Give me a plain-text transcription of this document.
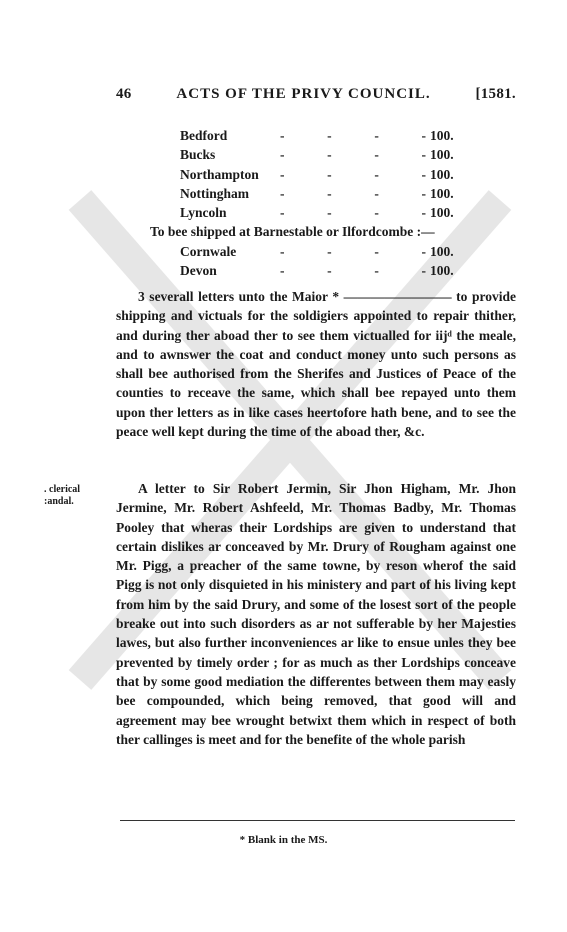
46	ACTS OF THE PRIVY COUNCIL.	[1581.
Bedford	-	-	-	- 100.
Bucks	-	-	-	- 100.
Northampton	-	-	-	- 100.
Nottingham	-	-	-	- 100.
Lyncoln	-	-	-	- 100.
To bee shipped at Barnestable or Ilfordcombe :—
Cornwale	-	-	-	- 100.
Devon	-	-	-	- 100.

3 severall letters unto the Maior * ———————— to provide shipping and victuals for the soldigiers appointed to repair thither, and during ther aboad ther to see them victualled for iijᵈ the meale, and to awnswer the coat and conduct money unto such persons as shall bee authorised from the Sherifes and Justices of Peace of the counties to receave the same, which shall bee repayed unto them upon ther letters as in like cases heertofore hath bene, and to see the peace well kept during the time of the aboad ther, &c.

. clerical :andal.

A letter to Sir Robert Jermin, Sir Jhon Higham, Mr. Jhon Jermine, Mr. Robert Ashfeeld, Mr. Thomas Badby, Mr. Thomas Pooley that wheras their Lordships are given to understand that certain dislikes ar conceaved by Mr. Drury of Rougham against one Mr. Pigg, a preacher of the same towne, by reson wherof the said Pigg is not only disquieted in his ministery and part of his living kept from him by the said Drury, and some of the losest sort of the people breake out into such disorders as ar not sufferable by her Majesties lawes, but also further inconveniences ar like to ensue unles they bee prevented by timely order ; for as much as ther Lordships conceave that by some good mediation the differentes between them may easly bee compounded, which being removed, that good will and agreement may bee wrought betwixt them which in respect of both ther callinges is meet and for the benefite of the whole parish

* Blank in the MS.
